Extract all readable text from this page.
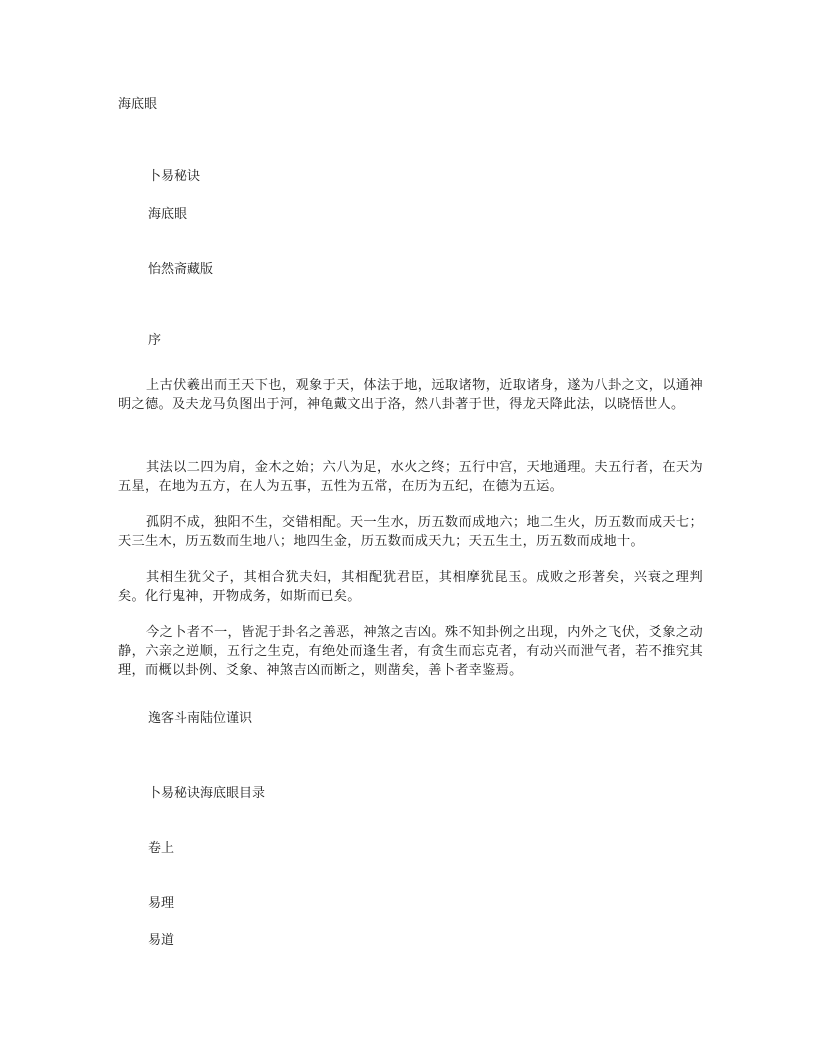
海底眼
卜易秘诀
海底眼
怡然斋藏版
序
上古伏羲出而王天下也，观象于天，体法于地，远取诸物，近取诸身，遂为八卦之文，以通神明之德。及夫龙马负图出于河，神龟戴文出于洛，然八卦著于世，得龙天降此法，以晓悟世人。
其法以二四为肩，金木之始；六八为足，水火之终；五行中宫，天地通理。夫五行者，在天为五星，在地为五方，在人为五事，五性为五常，在历为五纪，在德为五运。
孤阴不成，独阳不生，交错相配。天一生水，历五数而成地六；地二生火，历五数而成天七；天三生木，历五数而生地八；地四生金，历五数而成天九；天五生土，历五数而成地十。
其相生犹父子，其相合犹夫妇，其相配犹君臣，其相摩犹昆玉。成败之形著矣，兴衰之理判矣。化行鬼神，开物成务，如斯而已矣。
今之卜者不一，皆泥于卦名之善恶，神煞之吉凶。殊不知卦例之出现，内外之飞伏，爻象之动静，六亲之逆顺，五行之生克，有绝处而逢生者，有贪生而忘克者，有动兴而泄气者，若不推究其理，而概以卦例、爻象、神煞吉凶而断之，则凿矣，善卜者幸鉴焉。
逸客斗南陆位谨识
卜易秘诀海底眼目录
卷上
易理
易道
